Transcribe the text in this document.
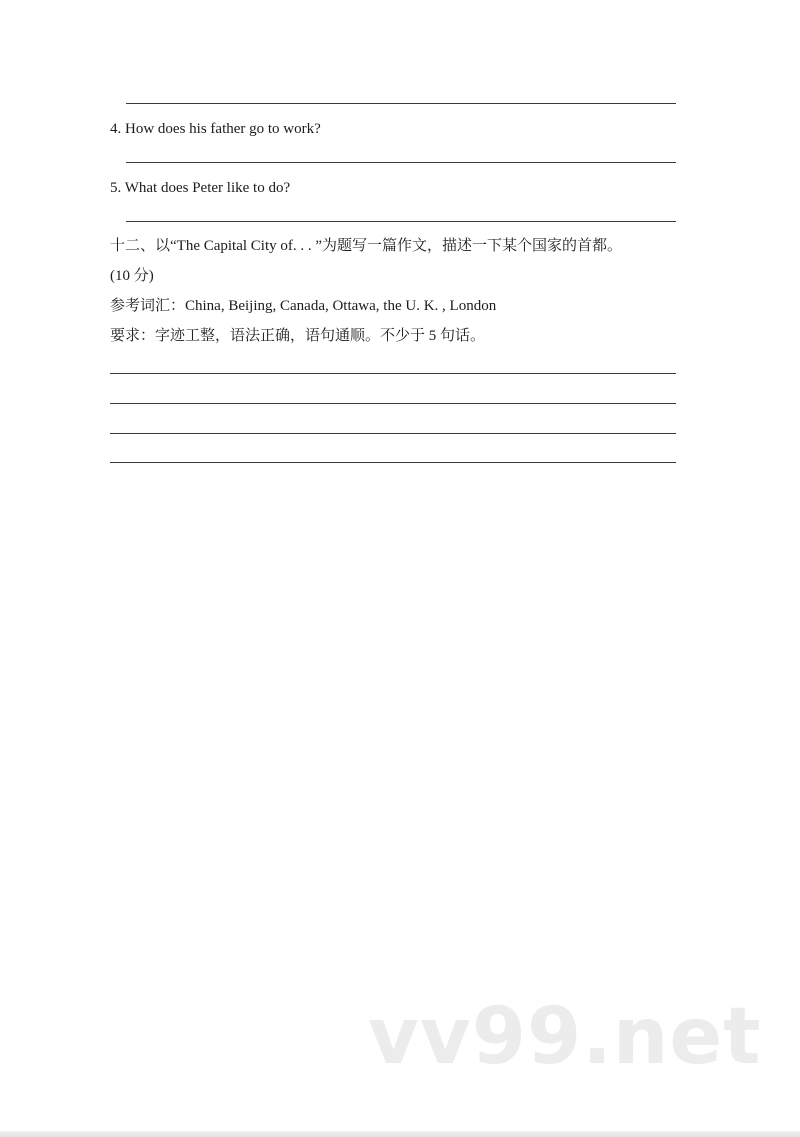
4. How does his father go to work?
5. What does Peter like to do?
十二、以“The Capital City of. . . ”为题写一篇作文，描述一下某个国家的首都。
(10 分)
参考词汇：China, Beijing, Canada, Ottawa, the U. K. , London
要求：字迹工整，语法正确，语句通顺。不少于 5 句话。
vv99.net
